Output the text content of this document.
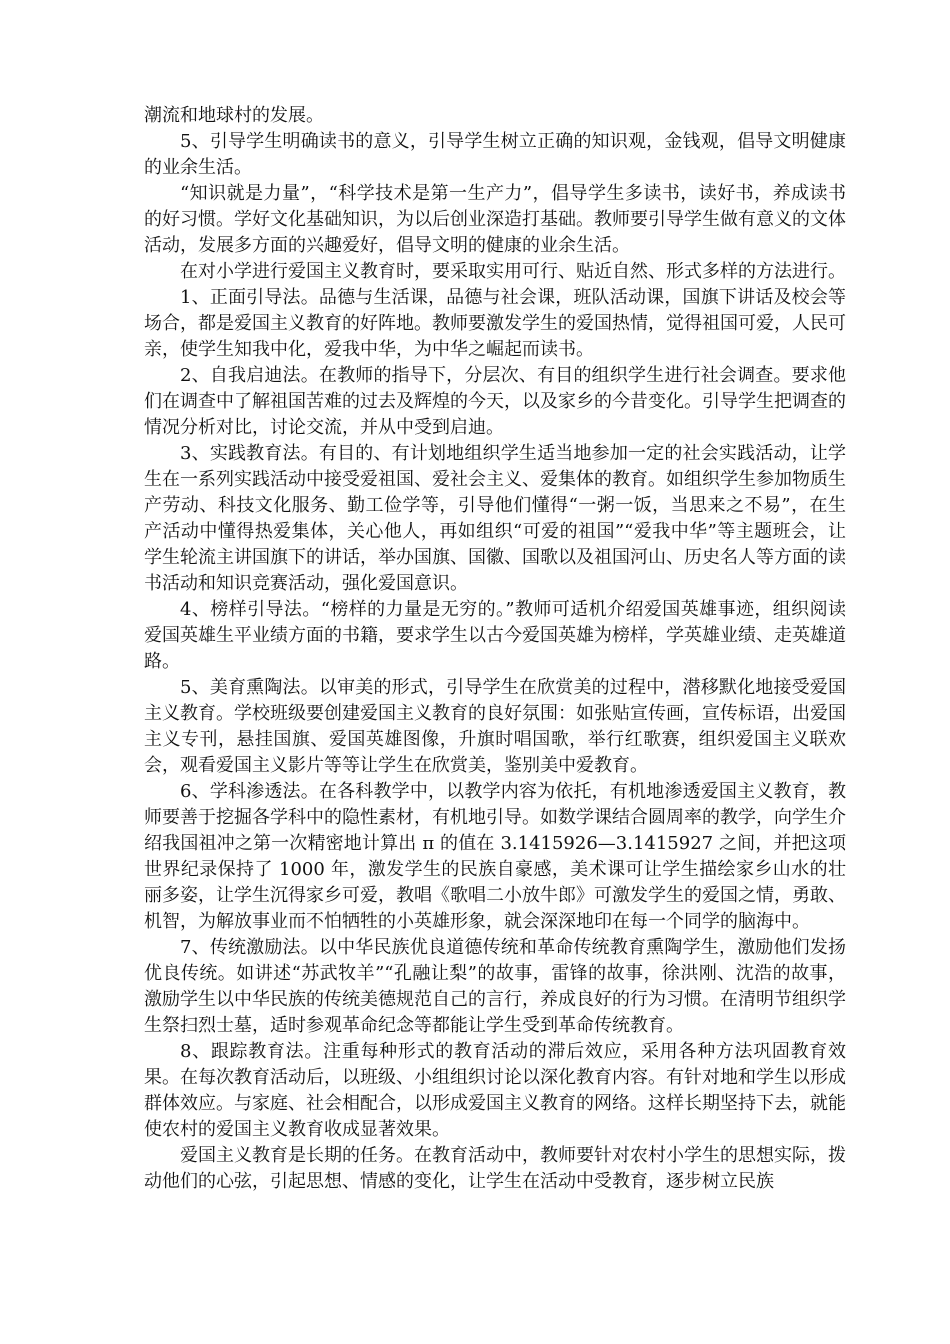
潮流和地球村的发展。

5、引导学生明确读书的意义，引导学生树立正确的知识观，金钱观，倡导文明健康的业余生活。

“知识就是力量”，“科学技术是第一生产力”，倡导学生多读书，读好书，养成读书的好习惯。学好文化基础知识，为以后创业深造打基础。教师要引导学生做有意义的文体活动，发展多方面的兴趣爱好，倡导文明的健康的业余生活。

在对小学进行爱国主义教育时，要采取实用可行、贴近自然、形式多样的方法进行。

1、正面引导法。品德与生活课，品德与社会课，班队活动课，国旗下讲话及校会等场合，都是爱国主义教育的好阵地。教师要激发学生的爱国热情，觉得祖国可爱，人民可亲，使学生知我中化，爱我中华，为中华之崛起而读书。

2、自我启迪法。在教师的指导下，分层次、有目的组织学生进行社会调查。要求他们在调查中了解祖国苦难的过去及辉煌的今天，以及家乡的今昔变化。引导学生把调查的情况分析对比，讨论交流，并从中受到启迪。

3、实践教育法。有目的、有计划地组织学生适当地参加一定的社会实践活动，让学生在一系列实践活动中接受爱祖国、爱社会主义、爱集体的教育。如组织学生参加物质生产劳动、科技文化服务、勤工俭学等，引导他们懂得“一粥一饭，当思来之不易”，在生产活动中懂得热爱集体，关心他人，再如组织“可爱的祖国”“爱我中华”等主题班会，让学生轮流主讲国旗下的讲话，举办国旗、国徽、国歌以及祖国河山、历史名人等方面的读书活动和知识竞赛活动，强化爱国意识。

4、榜样引导法。“榜样的力量是无穷的。”教师可适机介绍爱国英雄事迹，组织阅读爱国英雄生平业绩方面的书籍，要求学生以古今爱国英雄为榜样，学英雄业绩、走英雄道路。

5、美育熏陶法。以审美的形式，引导学生在欣赏美的过程中，潜移默化地接受爱国主义教育。学校班级要创建爱国主义教育的良好氛围：如张贴宣传画，宣传标语，出爱国主义专刊，悬挂国旗、爱国英雄图像，升旗时唱国歌，举行红歌赛，组织爱国主义联欢会，观看爱国主义影片等等让学生在欣赏美，鉴别美中爱教育。

6、学科渗透法。在各科教学中，以教学内容为依托，有机地渗透爱国主义教育，教师要善于挖掘各学科中的隐性素材，有机地引导。如数学课结合圆周率的教学，向学生介绍我国祖冲之第一次精密地计算出 π 的值在 3.1415926—3.1415927 之间，并把这项世界纪录保持了 1000 年，激发学生的民族自豪感，美术课可让学生描绘家乡山水的壮丽多姿，让学生沉得家乡可爱，教唱《歌唱二小放牛郎》可激发学生的爱国之情，勇敢、机智，为解放事业而不怕牺牲的小英雄形象，就会深深地印在每一个同学的脑海中。

7、传统激励法。以中华民族优良道德传统和革命传统教育熏陶学生，激励他们发扬优良传统。如讲述“苏武牧羊”“孔融让梨”的故事，雷锋的故事，徐洪刚、沈浩的故事，激励学生以中华民族的传统美德规范自己的言行，养成良好的行为习惯。在清明节组织学生祭扫烈士墓，适时参观革命纪念等都能让学生受到革命传统教育。

8、跟踪教育法。注重每种形式的教育活动的滞后效应，采用各种方法巩固教育效果。在每次教育活动后，以班级、小组组织讨论以深化教育内容。有针对地和学生以形成群体效应。与家庭、社会相配合，以形成爱国主义教育的网络。这样长期坚持下去，就能使农村的爱国主义教育收成显著效果。

爱国主义教育是长期的任务。在教育活动中，教师要针对农村小学生的思想实际，拨动他们的心弦，引起思想、情感的变化，让学生在活动中受教育，逐步树立民族
